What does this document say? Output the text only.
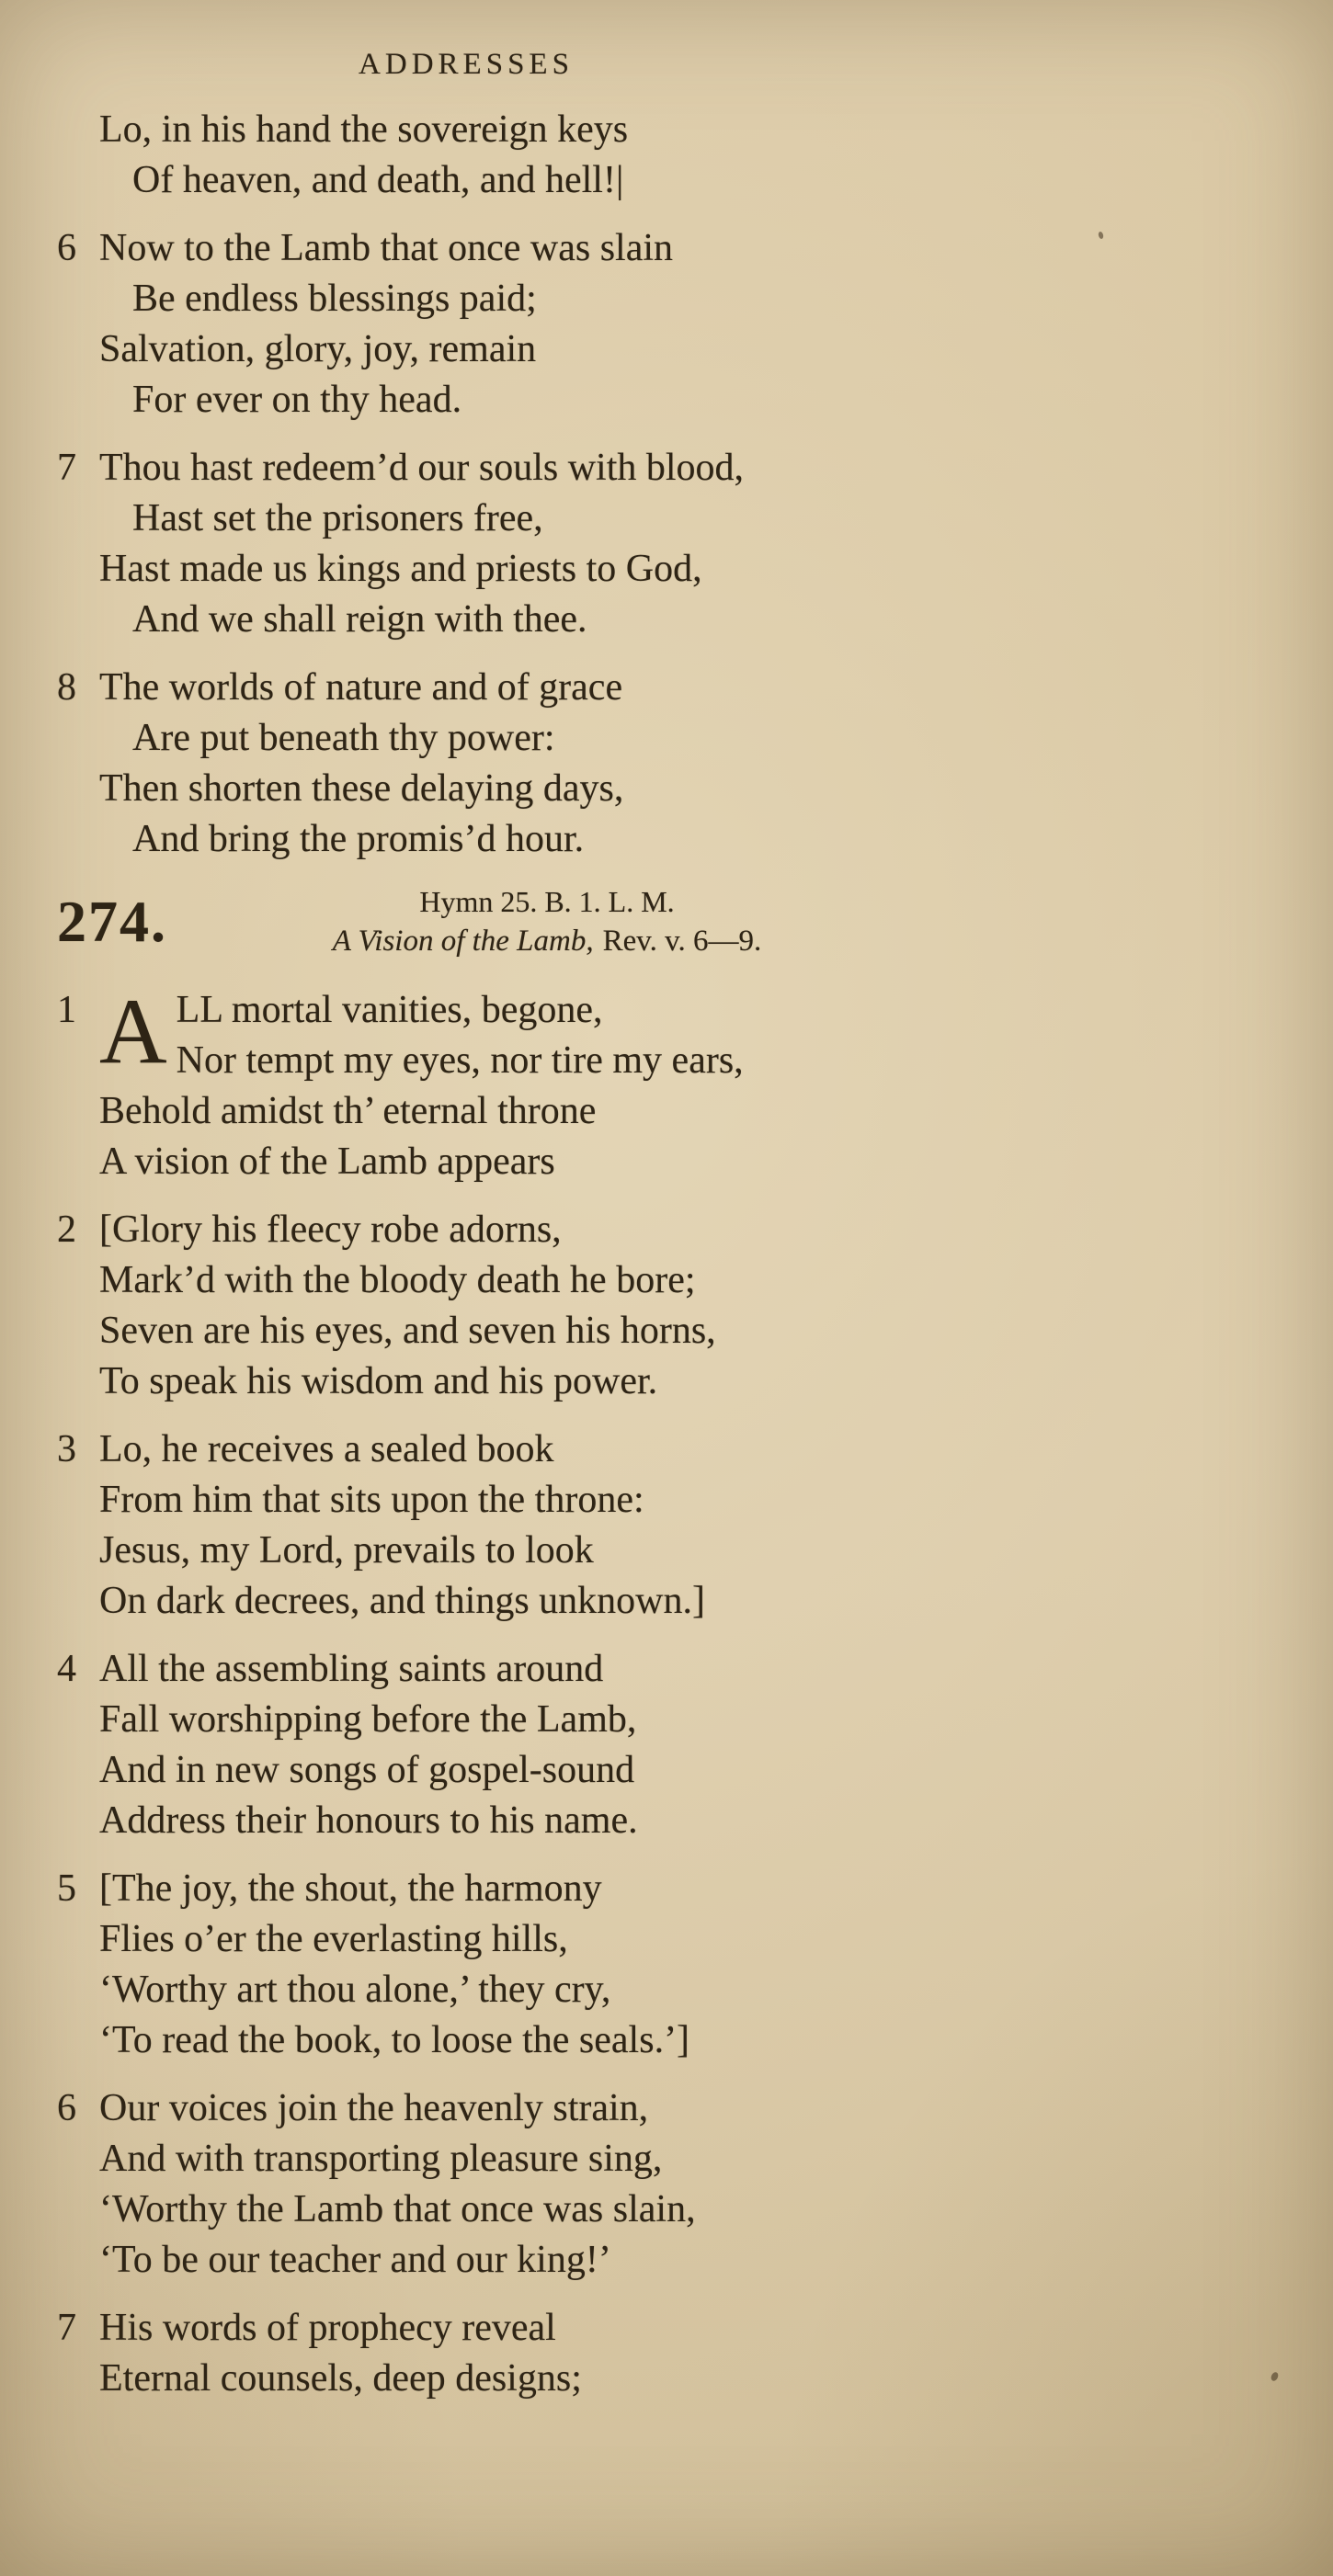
ADDRESSES
Lo, in his hand the sovereign keys
Of heaven, and death, and hell!|
6 Now to the Lamb that once was slain
Be endless blessings paid;
Salvation, glory, joy, remain
For ever on thy head.
7 Thou hast redeem’d our souls with blood,
Hast set the prisoners free,
Hast made us kings and priests to God,
And we shall reign with thee.
8 The worlds of nature and of grace
Are put beneath thy power:
Then shorten these delaying days,
And bring the promis’d hour.
274.	Hymn 25. B. 1. L. M.
A Vision of the Lamb, Rev. v. 6—9.
1 A LL mortal vanities, begone,
Nor tempt my eyes, nor tire my ears,
Behold amidst th’ eternal throne
A vision of the Lamb appears
2 [Glory his fleecy robe adorns,
Mark’d with the bloody death he bore;
Seven are his eyes, and seven his horns,
To speak his wisdom and his power.
3 Lo, he receives a sealed book
From him that sits upon the throne:
Jesus, my Lord, prevails to look
On dark decrees, and things unknown.]
4 All the assembling saints around
Fall worshipping before the Lamb,
And in new songs of gospel-sound
Address their honours to his name.
5 [The joy, the shout, the harmony
Flies o’er the everlasting hills,
‘Worthy art thou alone,’ they cry,
‘To read the book, to loose the seals.’]
6 Our voices join the heavenly strain,
And with transporting pleasure sing,
‘Worthy the Lamb that once was slain,
‘To be our teacher and our king!’
7 His words of prophecy reveal
Eternal counsels, deep designs;
